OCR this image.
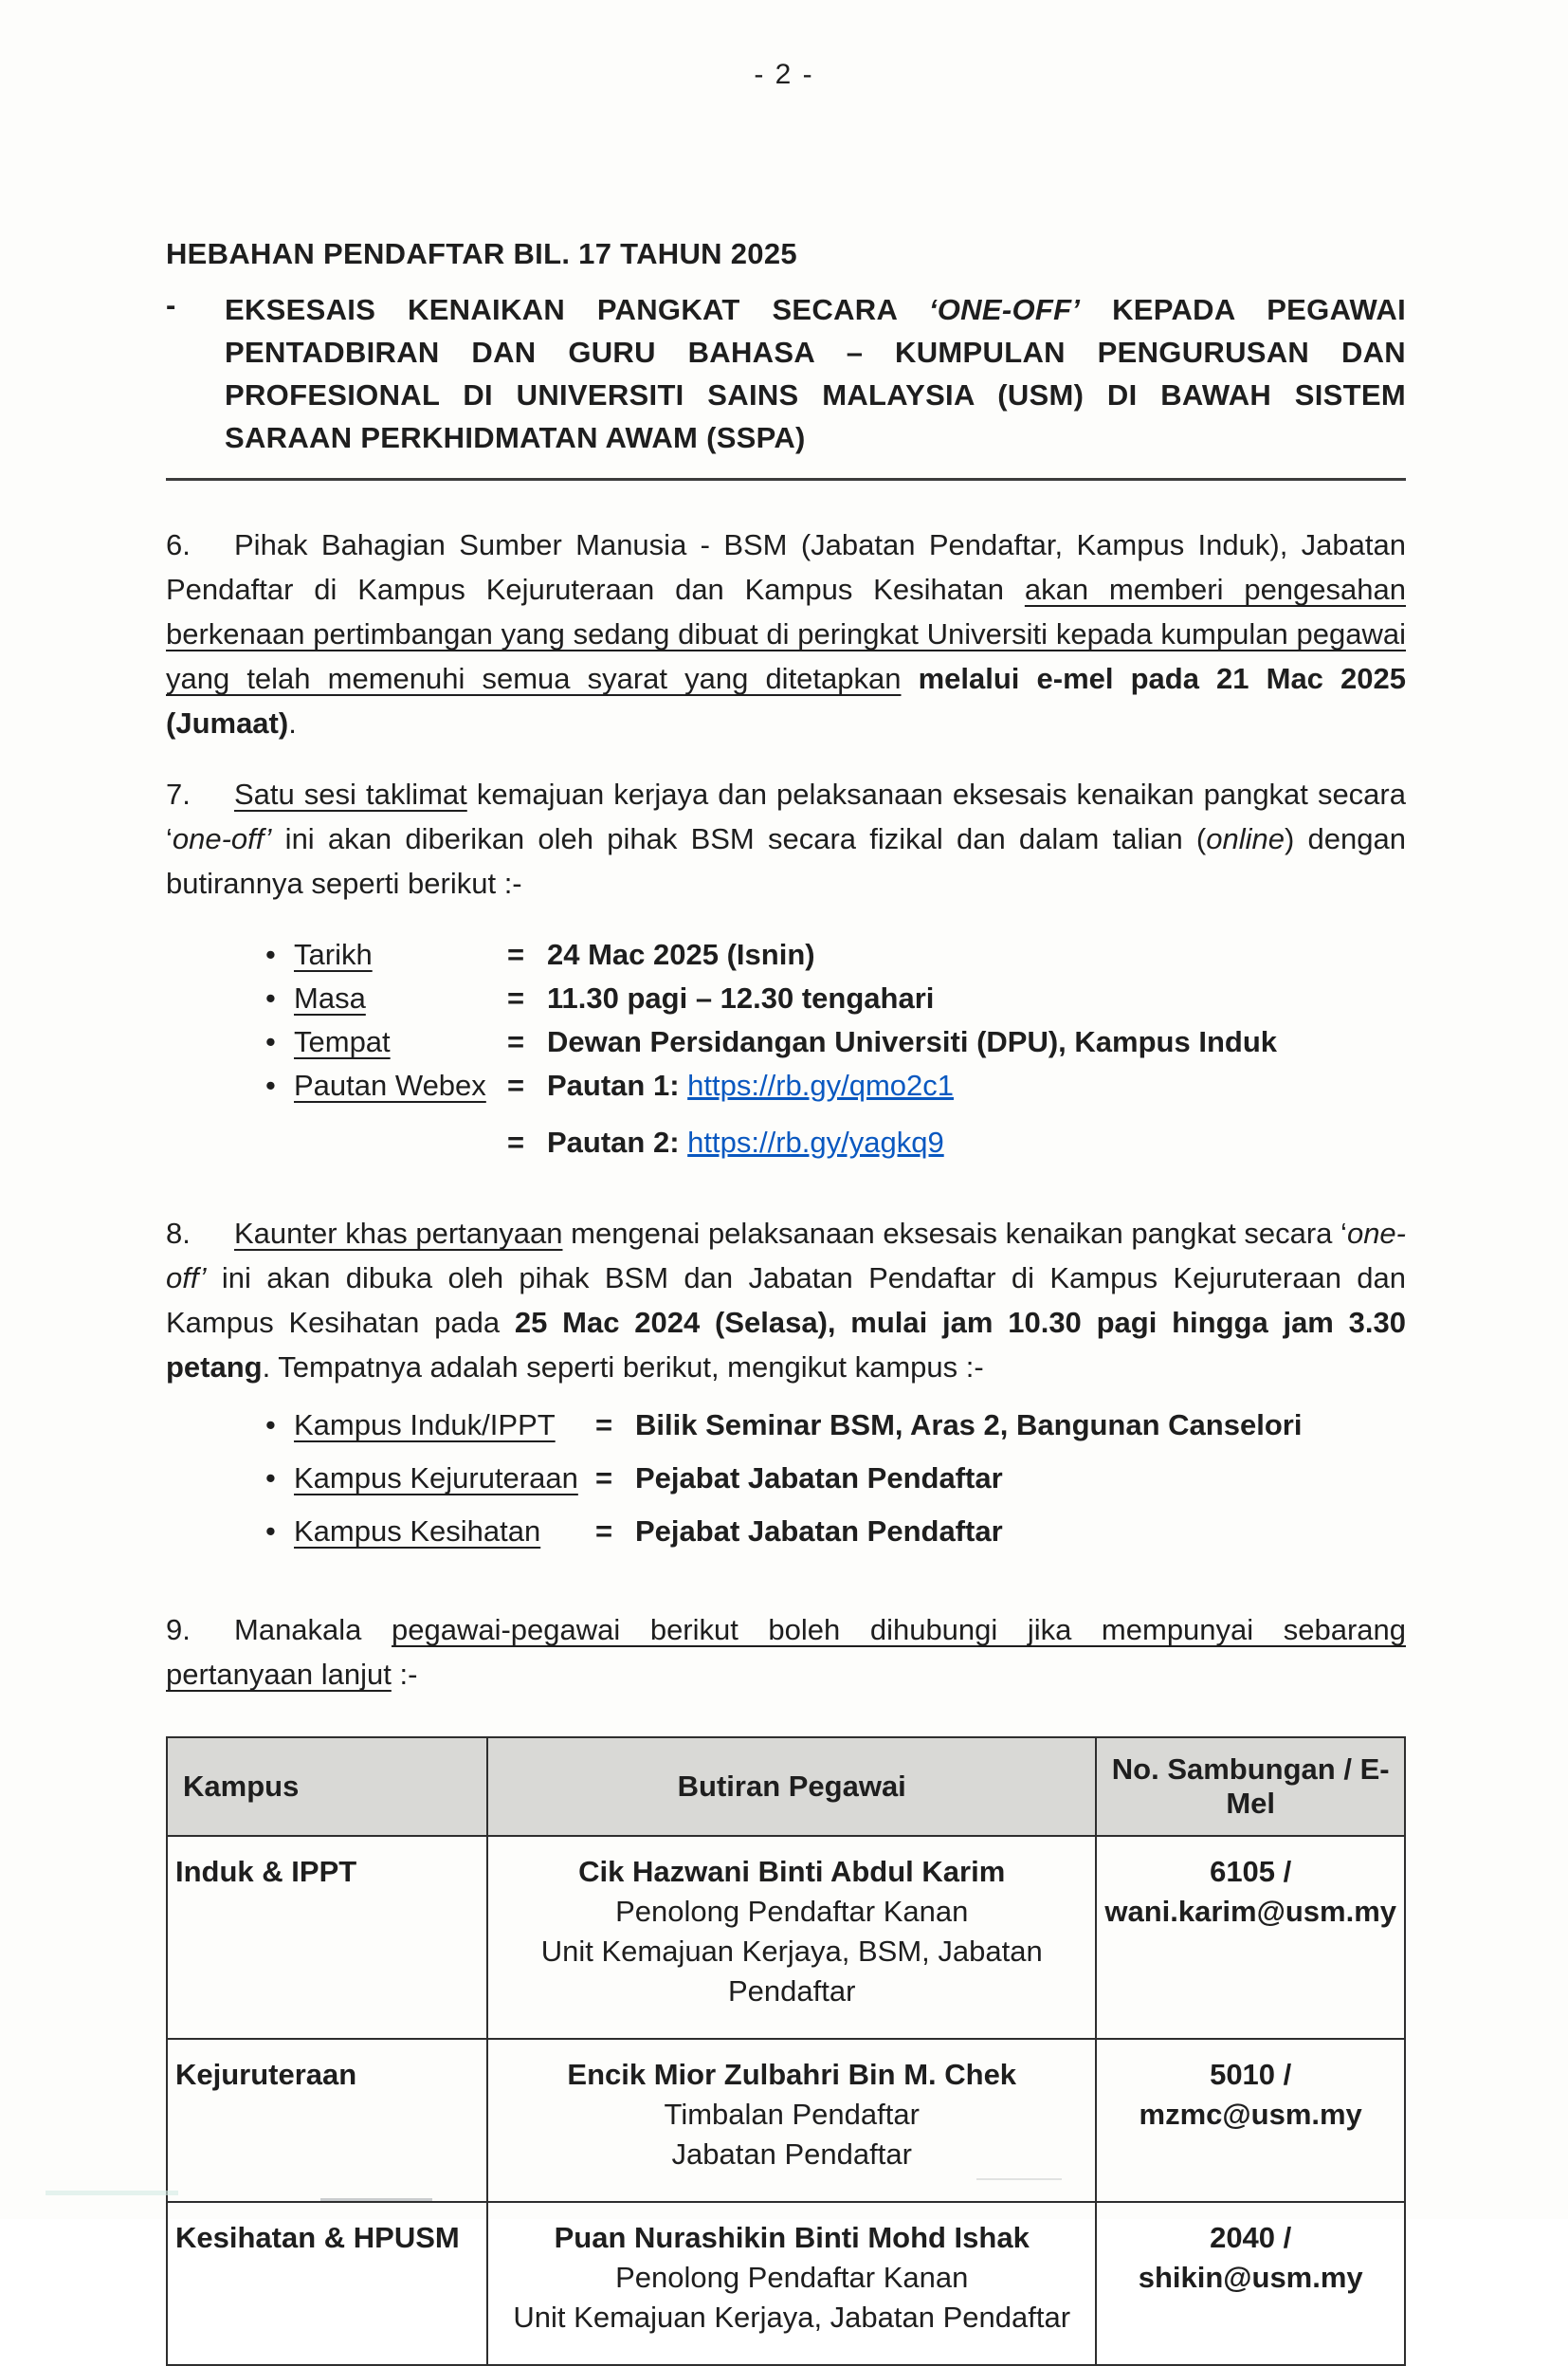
- 2 -
HEBAHAN PENDAFTAR BIL. 17 TAHUN 2025
-	EKSESAIS KENAIKAN PANGKAT SECARA ‘ONE-OFF’ KEPADA PEGAWAI PENTADBIRAN DAN GURU BAHASA – KUMPULAN PENGURUSAN DAN PROFESIONAL DI UNIVERSITI SAINS MALAYSIA (USM) DI BAWAH SISTEM SARAAN PERKHIDMATAN AWAM (SSPA)

6. Pihak Bahagian Sumber Manusia - BSM (Jabatan Pendaftar, Kampus Induk), Jabatan Pendaftar di Kampus Kejuruteraan dan Kampus Kesihatan akan memberi pengesahan berkenaan pertimbangan yang sedang dibuat di peringkat Universiti kepada kumpulan pegawai yang telah memenuhi semua syarat yang ditetapkan melalui e-mel pada 21 Mac 2025 (Jumaat).

7. Satu sesi taklimat kemajuan kerjaya dan pelaksanaan eksesais kenaikan pangkat secara ‘one-off’ ini akan diberikan oleh pihak BSM secara fizikal dan dalam talian (online) dengan butirannya seperti berikut :-

• Tarikh	= 24 Mac 2025 (Isnin)
• Masa	= 11.30 pagi – 12.30 tengahari
• Tempat	= Dewan Persidangan Universiti (DPU), Kampus Induk
• Pautan Webex = Pautan 1: https://rb.gy/qmo2c1
= Pautan 2: https://rb.gy/yagkq9

8. Kaunter khas pertanyaan mengenai pelaksanaan eksesais kenaikan pangkat secara ‘one-off’ ini akan dibuka oleh pihak BSM dan Jabatan Pendaftar di Kampus Kejuruteraan dan Kampus Kesihatan pada 25 Mac 2024 (Selasa), mulai jam 10.30 pagi hingga jam 3.30 petang. Tempatnya adalah seperti berikut, mengikut kampus :-

• Kampus Induk/IPPT	= Bilik Seminar BSM, Aras 2, Bangunan Canselori
• Kampus Kejuruteraan = Pejabat Jabatan Pendaftar
• Kampus Kesihatan	= Pejabat Jabatan Pendaftar

9. Manakala pegawai-pegawai berikut boleh dihubungi jika mempunyai sebarang pertanyaan lanjut :-

Kampus	Butiran Pegawai	No. Sambungan / E-Mel
Induk & IPPT	Cik Hazwani Binti Abdul Karim
Penolong Pendaftar Kanan
Unit Kemajuan Kerjaya, BSM, Jabatan Pendaftar	6105 / wani.karim@usm.my
Kejuruteraan	Encik Mior Zulbahri Bin M. Chek
Timbalan Pendaftar
Jabatan Pendaftar	5010 / mzmc@usm.my
Kesihatan & HPUSM	Puan Nurashikin Binti Mohd Ishak
Penolong Pendaftar Kanan
Unit Kemajuan Kerjaya, Jabatan Pendaftar	2040 / shikin@usm.my
